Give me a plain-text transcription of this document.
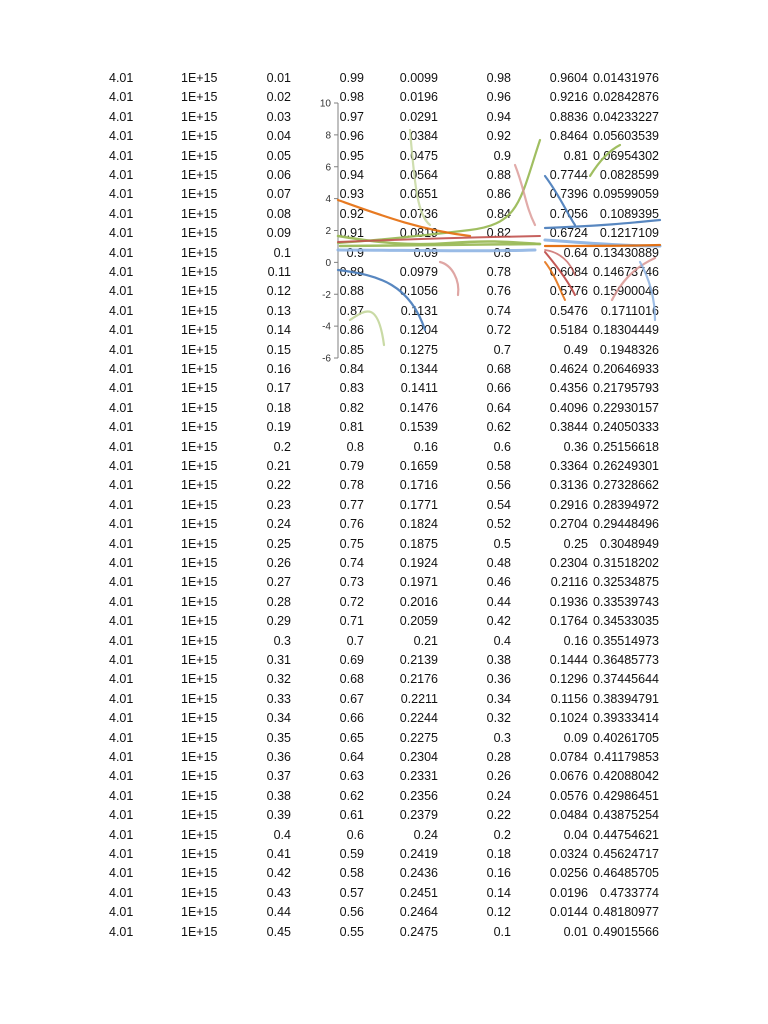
4.01	1E+15	0.01	0.99	0.0099	0.98	0.9604 0.01431976
4.01	1E+15	0.02	0.98	0.0196	0.96	0.9216 0.02842876
4.01	1E+15	0.03	0.97	0.0291	0.94	0.8836 0.04233227
4.01	1E+15	0.04	0.96	0.0384	0.92	0.8464 0.05603539
4.01	1E+15	0.05	0.95	0.0475	0.9	0.81 0.06954302
4.01	1E+15	0.06	0.94	0.0564	0.88	0.7744 0.0828599
4.01	1E+15	0.07	0.93	0.0651	0.86	0.7396 0.09599059
4.01	1E+15	0.08	0.92	0.0736	0.84	0.7056 0.1089395
4.01	1E+15	0.09	0.91	0.0819	0.82	0.6724 0.1217109
4.01	1E+15	0.1	0.9	0.09	0.8	0.64 0.13430889
4.01	1E+15	0.11	0.89	0.0979	0.78	0.6084 0.14673746
4.01	1E+15	0.12	0.88	0.1056	0.76	0.5776 0.15900046
4.01	1E+15	0.13	0.87	0.1131	0.74	0.5476 0.1711016
4.01	1E+15	0.14	0.86	0.1204	0.72	0.5184 0.18304449
4.01	1E+15	0.15	0.85	0.1275	0.7	0.49 0.1948326
4.01	1E+15	0.16	0.84	0.1344	0.68	0.4624 0.20646933
4.01	1E+15	0.17	0.83	0.1411	0.66	0.4356 0.21795793
4.01	1E+15	0.18	0.82	0.1476	0.64	0.4096 0.22930157
4.01	1E+15	0.19	0.81	0.1539	0.62	0.3844 0.24050333
4.01	1E+15	0.2	0.8	0.16	0.6	0.36 0.25156618
4.01	1E+15	0.21	0.79	0.1659	0.58	0.3364 0.26249301
4.01	1E+15	0.22	0.78	0.1716	0.56	0.3136 0.27328662
4.01	1E+15	0.23	0.77	0.1771	0.54	0.2916 0.28394972
4.01	1E+15	0.24	0.76	0.1824	0.52	0.2704 0.29448496
4.01	1E+15	0.25	0.75	0.1875	0.5	0.25 0.3048949
4.01	1E+15	0.26	0.74	0.1924	0.48	0.2304 0.31518202
4.01	1E+15	0.27	0.73	0.1971	0.46	0.2116 0.32534875
4.01	1E+15	0.28	0.72	0.2016	0.44	0.1936 0.33539743
4.01	1E+15	0.29	0.71	0.2059	0.42	0.1764 0.34533035
4.01	1E+15	0.3	0.7	0.21	0.4	0.16 0.35514973
4.01	1E+15	0.31	0.69	0.2139	0.38	0.1444 0.36485773
4.01	1E+15	0.32	0.68	0.2176	0.36	0.1296 0.37445644
4.01	1E+15	0.33	0.67	0.2211	0.34	0.1156 0.38394791
4.01	1E+15	0.34	0.66	0.2244	0.32	0.1024 0.39333414
4.01	1E+15	0.35	0.65	0.2275	0.3	0.09 0.40261705
4.01	1E+15	0.36	0.64	0.2304	0.28	0.0784 0.41179853
4.01	1E+15	0.37	0.63	0.2331	0.26	0.0676 0.42088042
4.01	1E+15	0.38	0.62	0.2356	0.24	0.0576 0.42986451
4.01	1E+15	0.39	0.61	0.2379	0.22	0.0484 0.43875254
4.01	1E+15	0.4	0.6	0.24	0.2	0.04 0.44754621
4.01	1E+15	0.41	0.59	0.2419	0.18	0.0324 0.45624717
4.01	1E+15	0.42	0.58	0.2436	0.16	0.0256 0.46485705
4.01	1E+15	0.43	0.57	0.2451	0.14	0.0196 0.4733774
4.01	1E+15	0.44	0.56	0.2464	0.12	0.0144 0.48180977
4.01	1E+15	0.45	0.55	0.2475	0.1	0.01 0.49015566
10
8
6
4
2
0
-2
-4
-6
